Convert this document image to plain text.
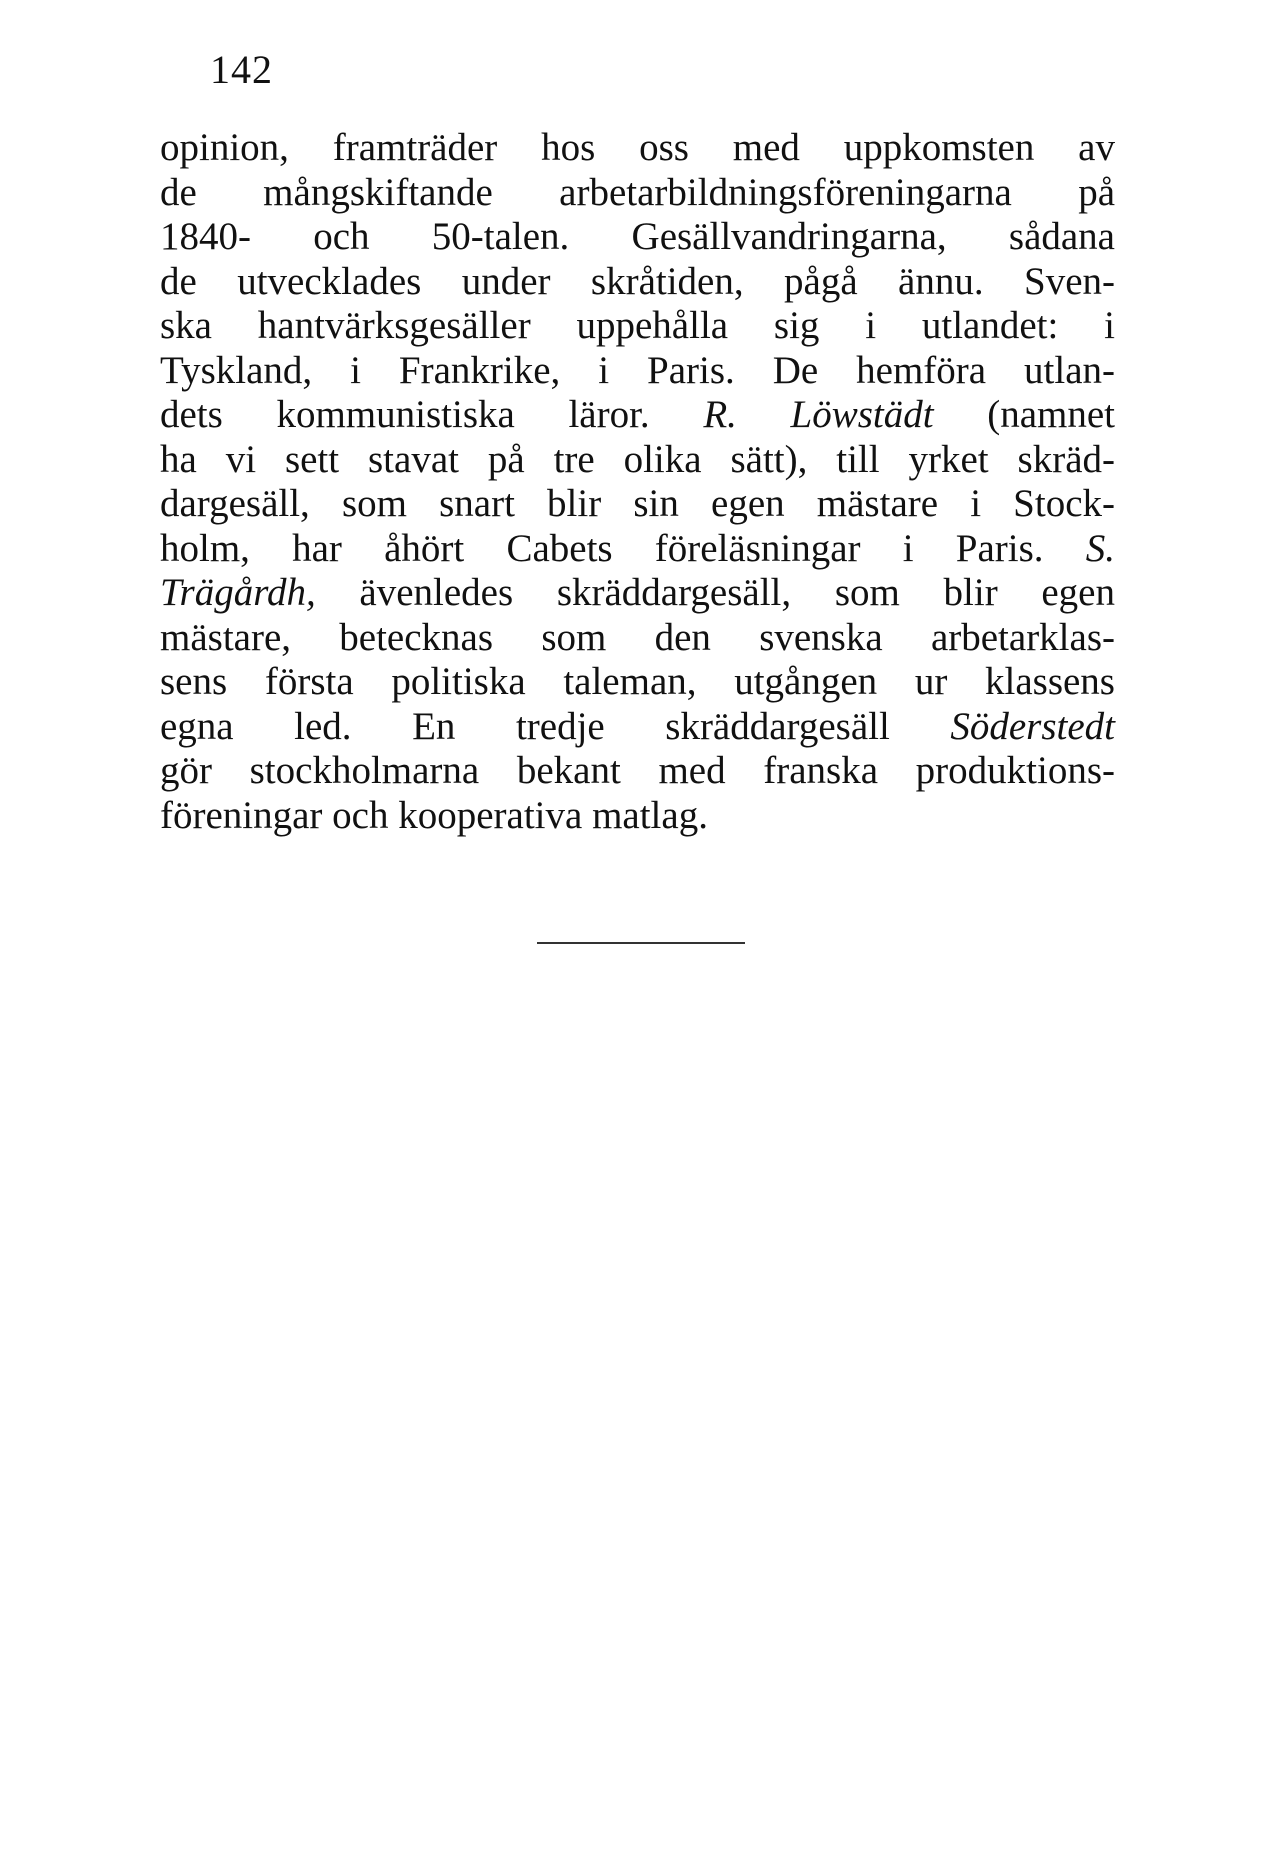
142
opinion, framträder hos oss med uppkomsten av
de mångskiftande arbetarbildningsföreningarna på
1840- och 50-talen. Gesällvandringarna, sådana
de utvecklades under skråtiden, pågå ännu. Sven-
ska hantvärksgesäller uppehålla sig i utlandet: i
Tyskland, i Frankrike, i Paris. De hemföra utlan-
dets kommunistiska läror. R. Löwstädt (namnet
ha vi sett stavat på tre olika sätt), till yrket skräd-
dargesäll, som snart blir sin egen mästare i Stock-
holm, har åhört Cabets föreläsningar i Paris. S.
Trägårdh, ävenledes skräddargesäll, som blir egen
mästare, betecknas som den svenska arbetarklas-
sens första politiska taleman, utgången ur klassens
egna led. En tredje skräddargesäll Söderstedt
gör stockholmarna bekant med franska produktions-
föreningar och kooperativa matlag.
